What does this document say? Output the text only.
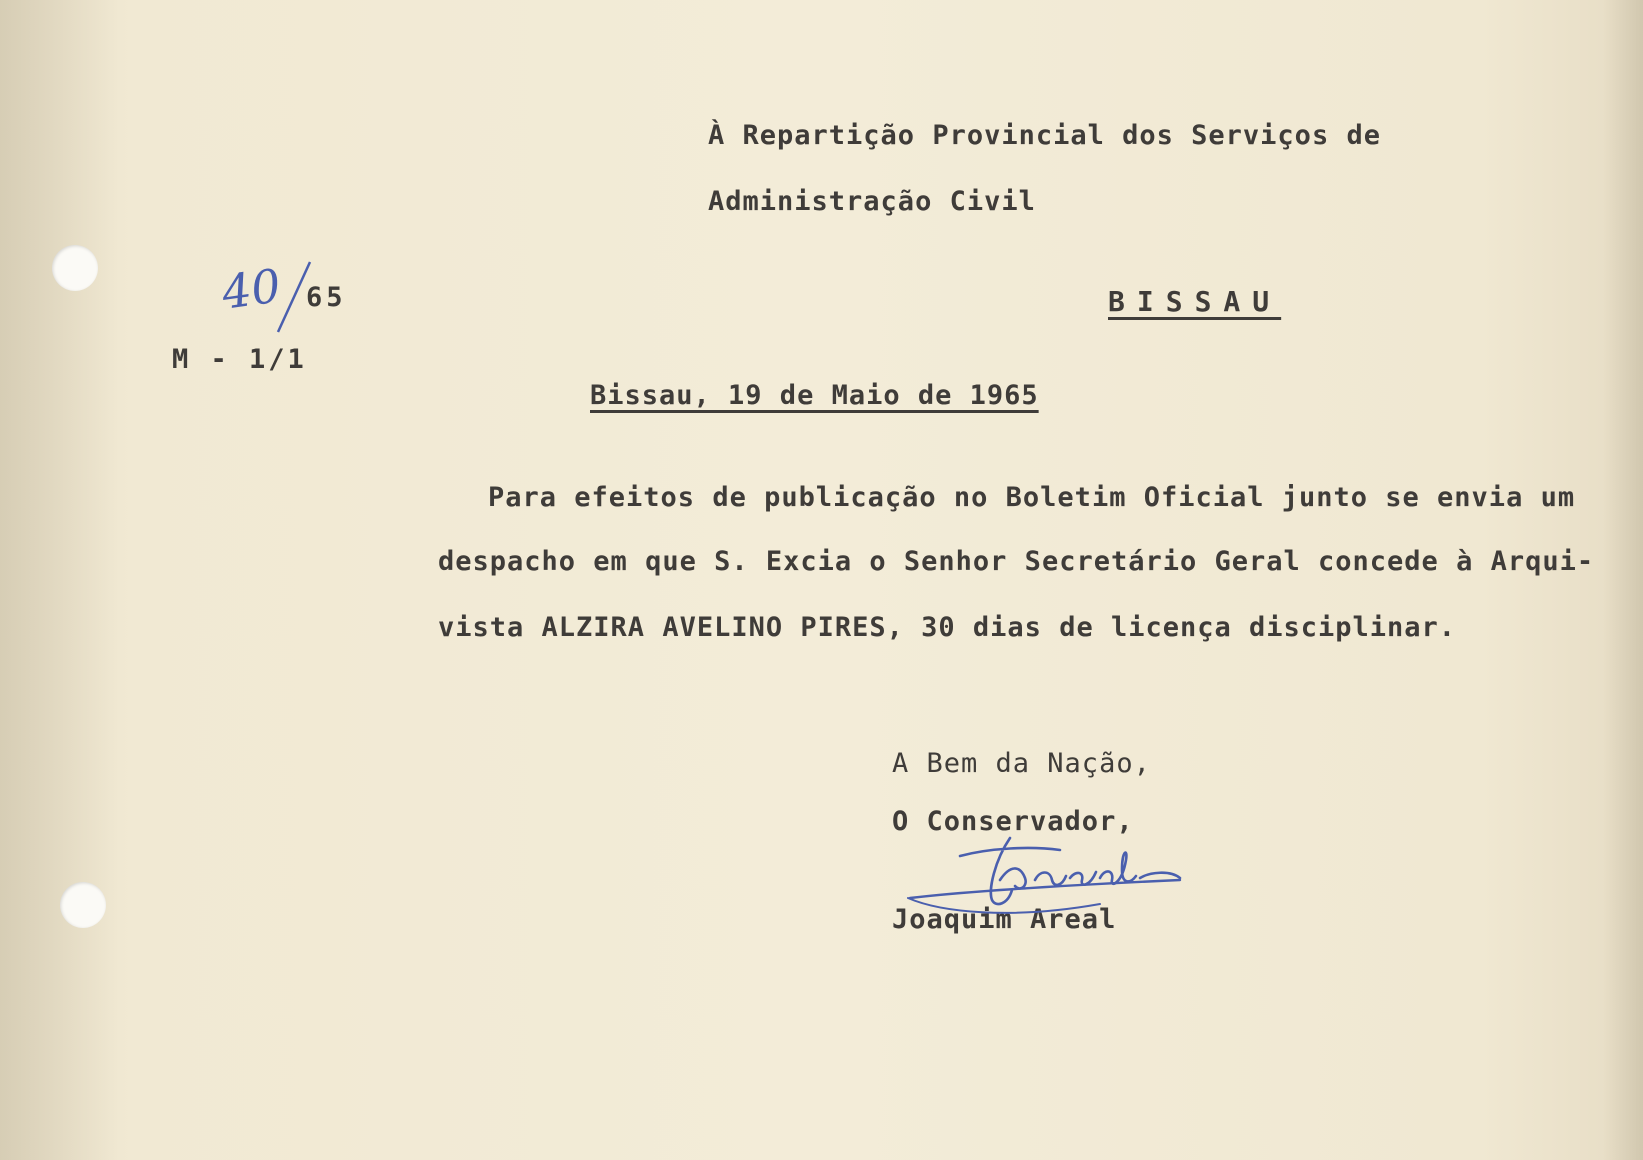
À Repartição Provincial dos Serviços de
Administração Civil
BISSAU
40 65
M - 1/1
Bissau, 19 de Maio de 1965
Para efeitos de publicação no Boletim Oficial junto se envia um
despacho em que S. Excia o Senhor Secretário Geral concede à Arqui-
vista ALZIRA AVELINO PIRES, 30 dias de licença disciplinar.
A Bem da Nação,
O Conservador,
Joaquim Areal
